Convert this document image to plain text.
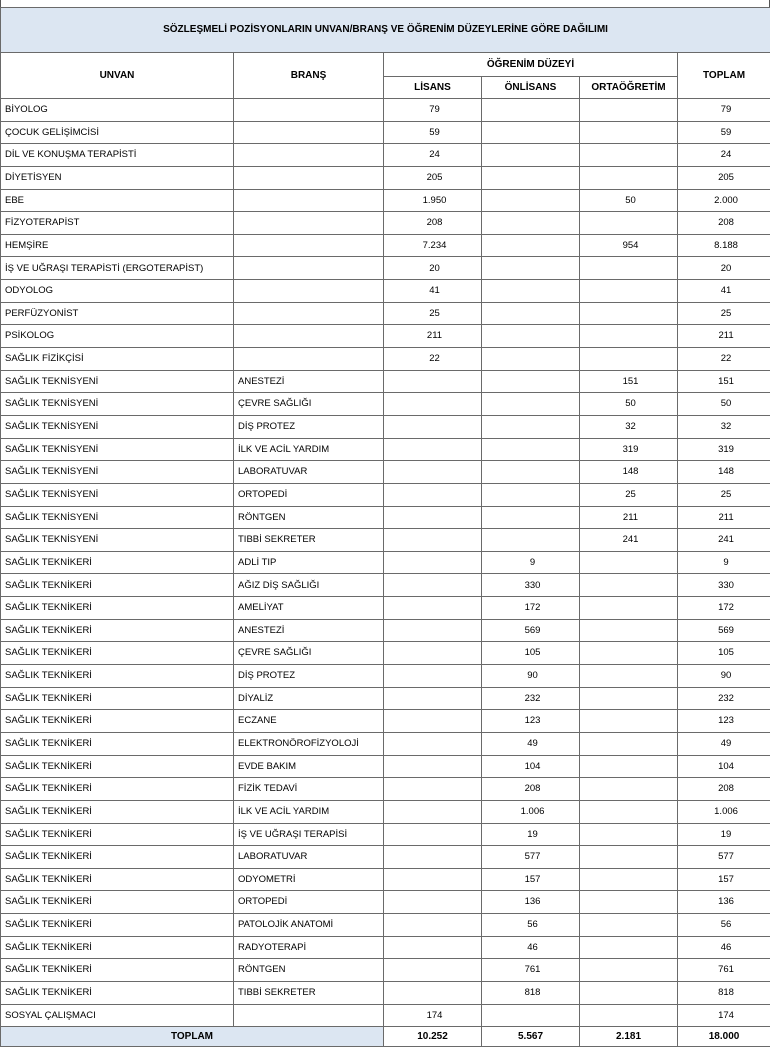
SÖZLEŞMELİ POZİSYONLARIN UNVAN/BRANŞ VE ÖĞRENİM DÜZEYLERİNE GÖRE DAĞILIMI					
UNVAN	BRANŞ	ÖĞRENİM DÜZEYİ			TOPLAM
		LİSANS	ÖNLİSANS	ORTAÖĞRETİM	
BİYOLOG		79			79
ÇOCUK GELİŞİMCİSİ		59			59
DİL VE KONUŞMA TERAPİSTİ		24			24
DİYETİSYEN		205			205
EBE		1.950		50	2.000
FİZYOTERAPİST		208			208
HEMŞİRE		7.234		954	8.188
İŞ VE UĞRAŞI TERAPİSTİ (ERGOTERAPİST)		20			20
ODYOLOG		41			41
PERFÜZYONİST		25			25
PSİKOLOG		211			211
SAĞLIK FİZİKÇİSİ		22			22
SAĞLIK TEKNİSYENİ	ANESTEZİ			151	151
SAĞLIK TEKNİSYENİ	ÇEVRE SAĞLIĞI			50	50
SAĞLIK TEKNİSYENİ	DİŞ PROTEZ			32	32
SAĞLIK TEKNİSYENİ	İLK VE ACİL YARDIM			319	319
SAĞLIK TEKNİSYENİ	LABORATUVAR			148	148
SAĞLIK TEKNİSYENİ	ORTOPEDİ			25	25
SAĞLIK TEKNİSYENİ	RÖNTGEN			211	211
SAĞLIK TEKNİSYENİ	TIBBİ SEKRETER			241	241
SAĞLIK TEKNİKERİ	ADLİ TIP		9		9
SAĞLIK TEKNİKERİ	AĞIZ DİŞ SAĞLIĞI		330		330
SAĞLIK TEKNİKERİ	AMELİYAT		172		172
SAĞLIK TEKNİKERİ	ANESTEZİ		569		569
SAĞLIK TEKNİKERİ	ÇEVRE SAĞLIĞI		105		105
SAĞLIK TEKNİKERİ	DİŞ PROTEZ		90		90
SAĞLIK TEKNİKERİ	DİYALİZ		232		232
SAĞLIK TEKNİKERİ	ECZANE		123		123
SAĞLIK TEKNİKERİ	ELEKTRONÖROFİZYOLOJİ		49		49
SAĞLIK TEKNİKERİ	EVDE BAKIM		104		104
SAĞLIK TEKNİKERİ	FİZİK TEDAVİ		208		208
SAĞLIK TEKNİKERİ	İLK VE ACİL YARDIM		1.006		1.006
SAĞLIK TEKNİKERİ	İŞ VE UĞRAŞI TERAPİSİ		19		19
SAĞLIK TEKNİKERİ	LABORATUVAR		577		577
SAĞLIK TEKNİKERİ	ODYOMETRİ		157		157
SAĞLIK TEKNİKERİ	ORTOPEDİ		136		136
SAĞLIK TEKNİKERİ	PATOLOJİK ANATOMİ		56		56
SAĞLIK TEKNİKERİ	RADYOTERAPİ		46		46
SAĞLIK TEKNİKERİ	RÖNTGEN		761		761
SAĞLIK TEKNİKERİ	TIBBİ SEKRETER		818		818
SOSYAL ÇALIŞMACI		174			174
TOPLAM		10.252	5.567	2.181	18.000
